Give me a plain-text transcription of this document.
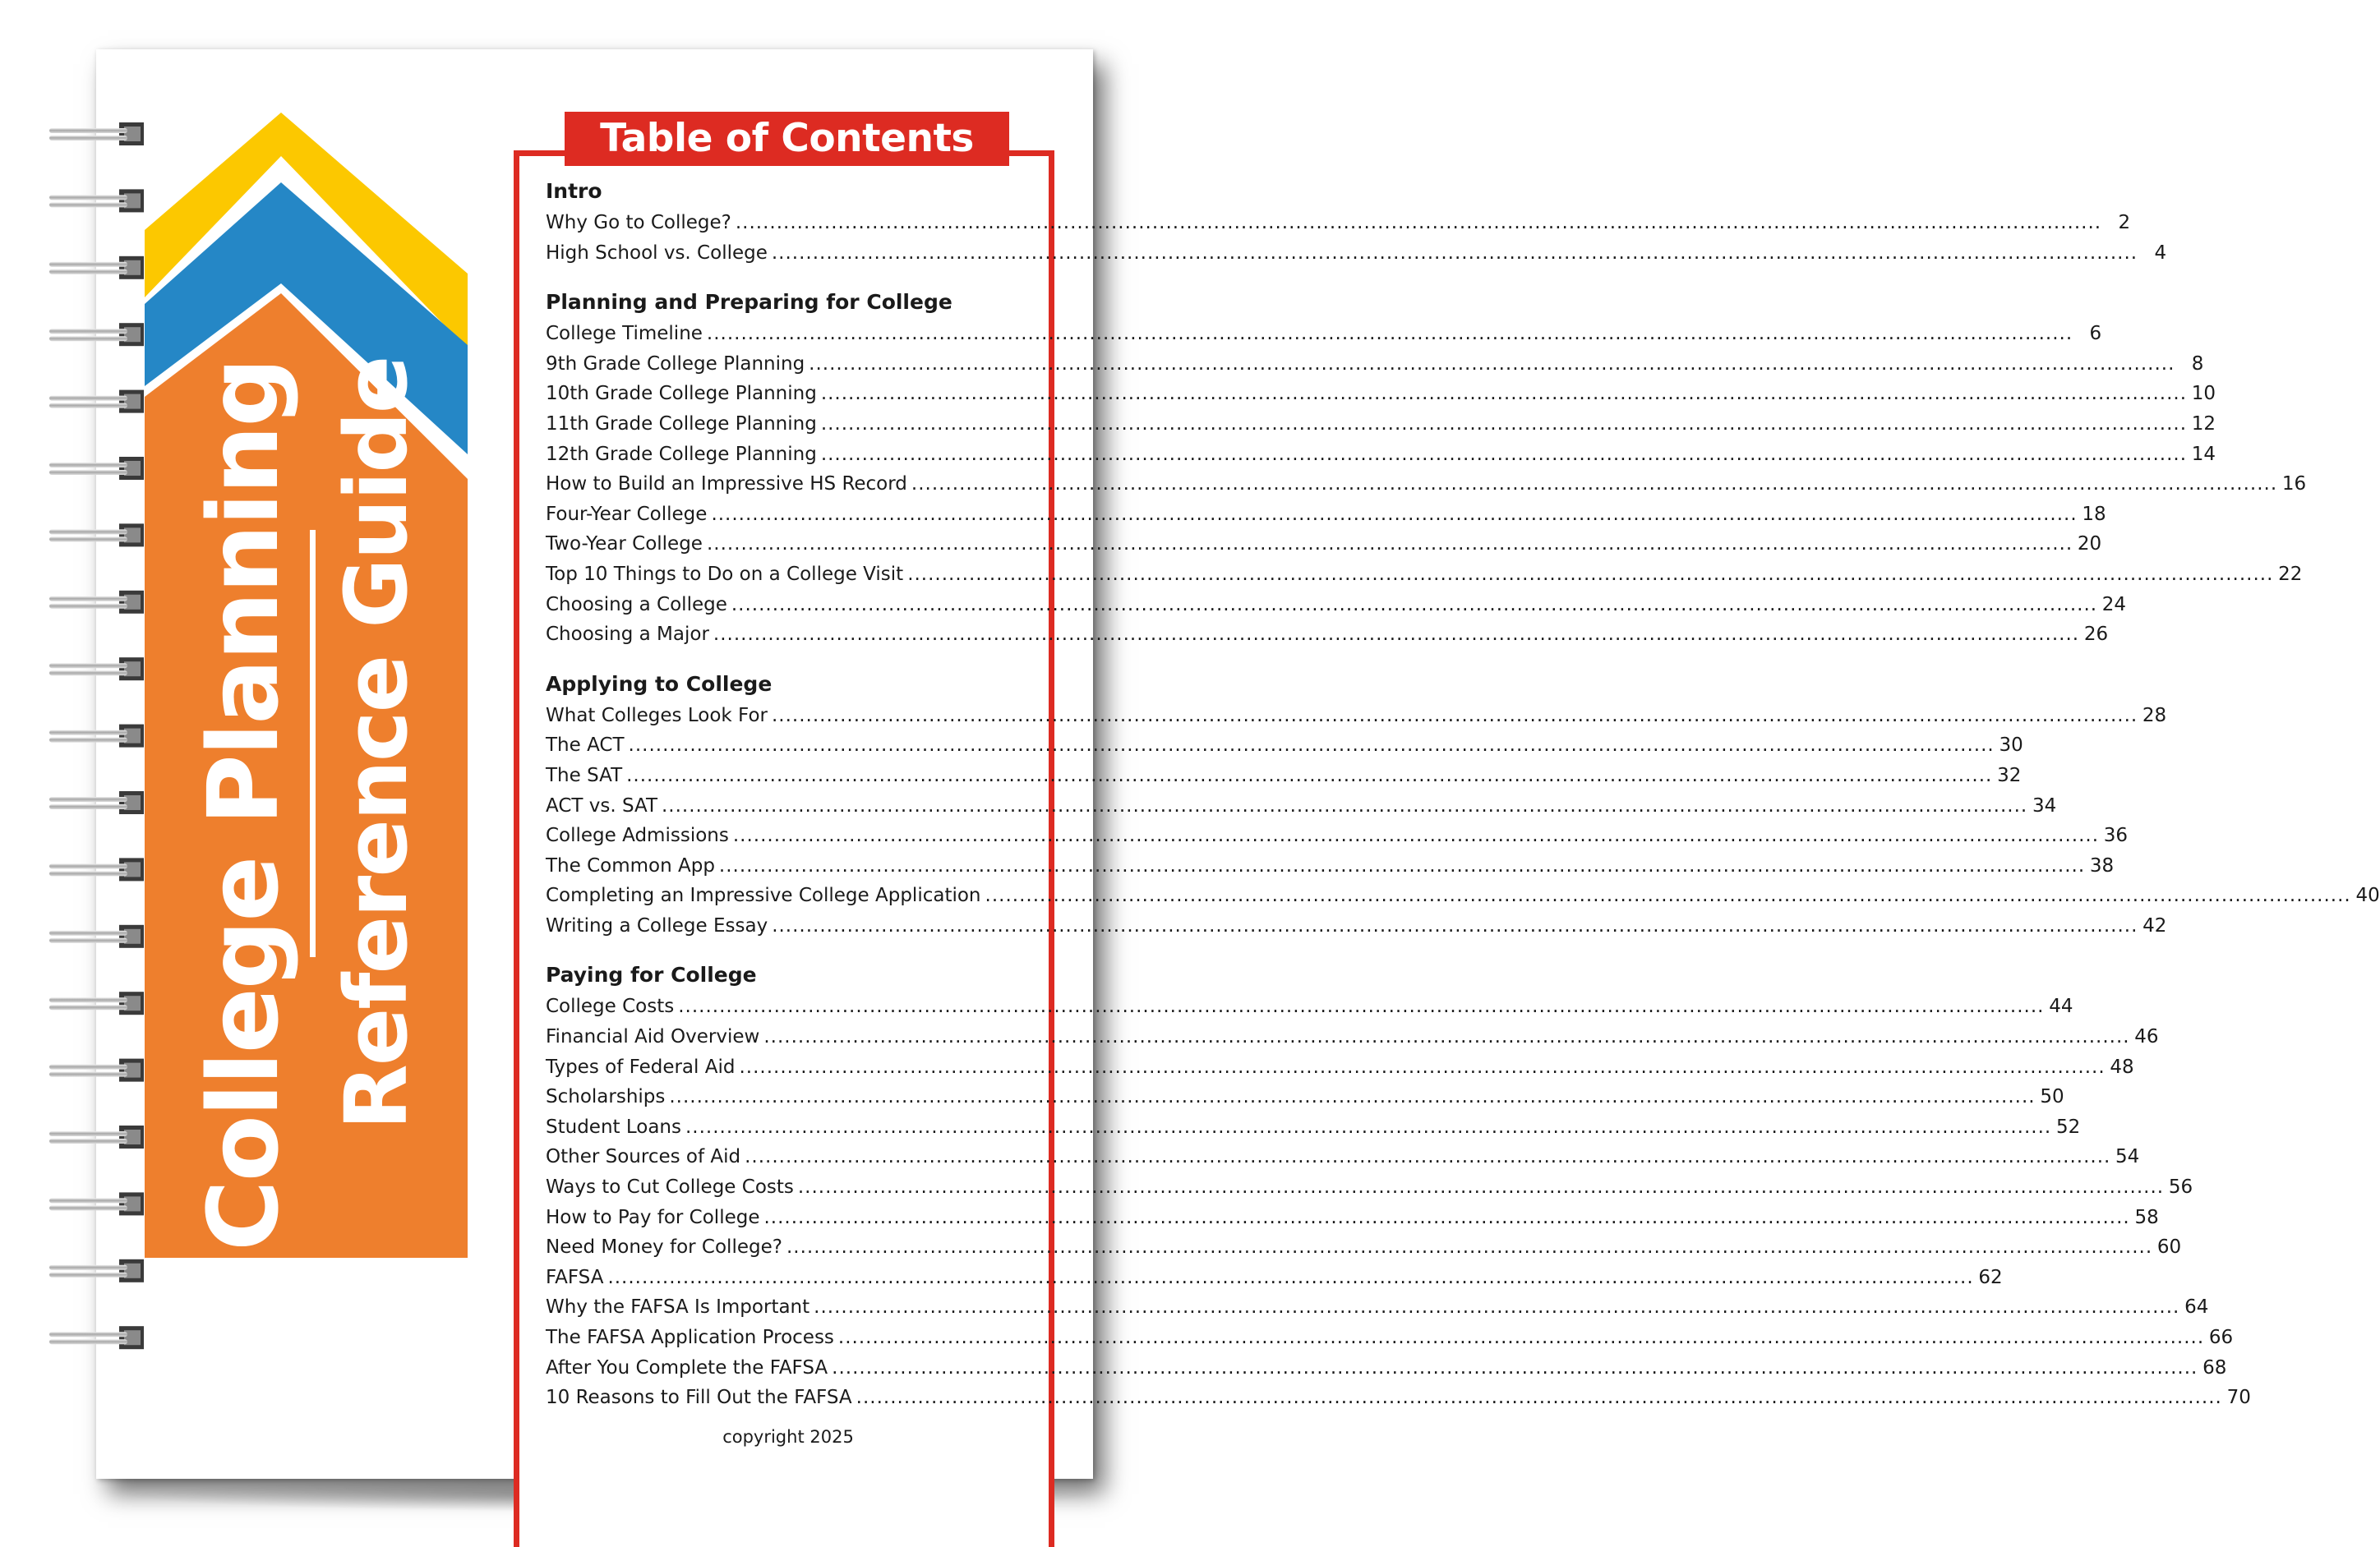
College Planning Reference Guide
Table of Contents
Intro
Why Go to College? ........................................................................................................................................................................................................ 2
High School vs. College ........................................................................................................................................................................................................ 4
Planning and Preparing for College
College Timeline ........................................................................................................................................................................................................ 6
9th Grade College Planning ........................................................................................................................................................................................................ 8
10th Grade College Planning ........................................................................................................................................................................................................ 10
11th Grade College Planning ........................................................................................................................................................................................................ 12
12th Grade College Planning ........................................................................................................................................................................................................ 14
How to Build an Impressive HS Record ........................................................................................................................................................................................................ 16
Four-Year College ........................................................................................................................................................................................................ 18
Two-Year College ........................................................................................................................................................................................................ 20
Top 10 Things to Do on a College Visit ........................................................................................................................................................................................................ 22
Choosing a College ........................................................................................................................................................................................................ 24
Choosing a Major ........................................................................................................................................................................................................ 26
Applying to College
What Colleges Look For ........................................................................................................................................................................................................ 28
The ACT ........................................................................................................................................................................................................ 30
The SAT ........................................................................................................................................................................................................ 32
ACT vs. SAT ........................................................................................................................................................................................................ 34
College Admissions ........................................................................................................................................................................................................ 36
The Common App ........................................................................................................................................................................................................ 38
Completing an Impressive College Application ........................................................................................................................................................................................................ 40
Writing a College Essay ........................................................................................................................................................................................................ 42
Paying for College
College Costs ........................................................................................................................................................................................................ 44
Financial Aid Overview ........................................................................................................................................................................................................ 46
Types of Federal Aid ........................................................................................................................................................................................................ 48
Scholarships ........................................................................................................................................................................................................ 50
Student Loans ........................................................................................................................................................................................................ 52
Other Sources of Aid ........................................................................................................................................................................................................ 54
Ways to Cut College Costs ........................................................................................................................................................................................................ 56
How to Pay for College ........................................................................................................................................................................................................ 58
Need Money for College? ........................................................................................................................................................................................................ 60
FAFSA ........................................................................................................................................................................................................ 62
Why the FAFSA Is Important ........................................................................................................................................................................................................ 64
The FAFSA Application Process ........................................................................................................................................................................................................ 66
After You Complete the FAFSA ........................................................................................................................................................................................................ 68
10 Reasons to Fill Out the FAFSA ........................................................................................................................................................................................................ 70
copyright 2025
